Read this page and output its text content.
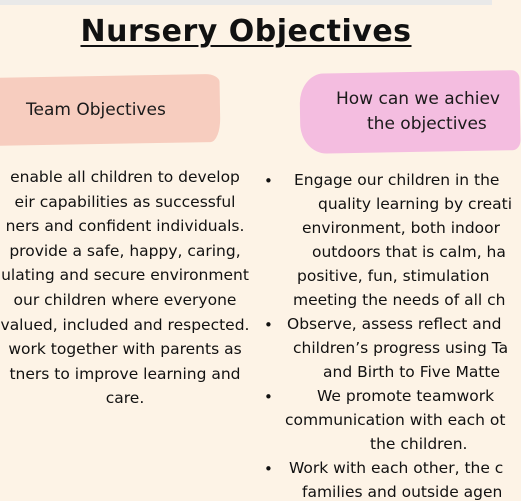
Nursery Objectives
Team Objectives
How can we achiev
the objectives
enable all children to develop
eir capabilities as successful
ners and confident individuals.
provide a safe, happy, caring,
ulating and secure environment
our children where everyone
valued, included and respected.
work together with parents as
tners to improve learning and
care.
• Engage our children in the
quality learning by creati
environment, both indoor
outdoors that is calm, ha
positive, fun, stimulation
meeting the needs of all ch
• Observe, assess reflect and
children’s progress using Ta
and Birth to Five Matte
•	We promote teamwork
communication with each ot
the children.
• Work with each other, the c
families and outside agen
